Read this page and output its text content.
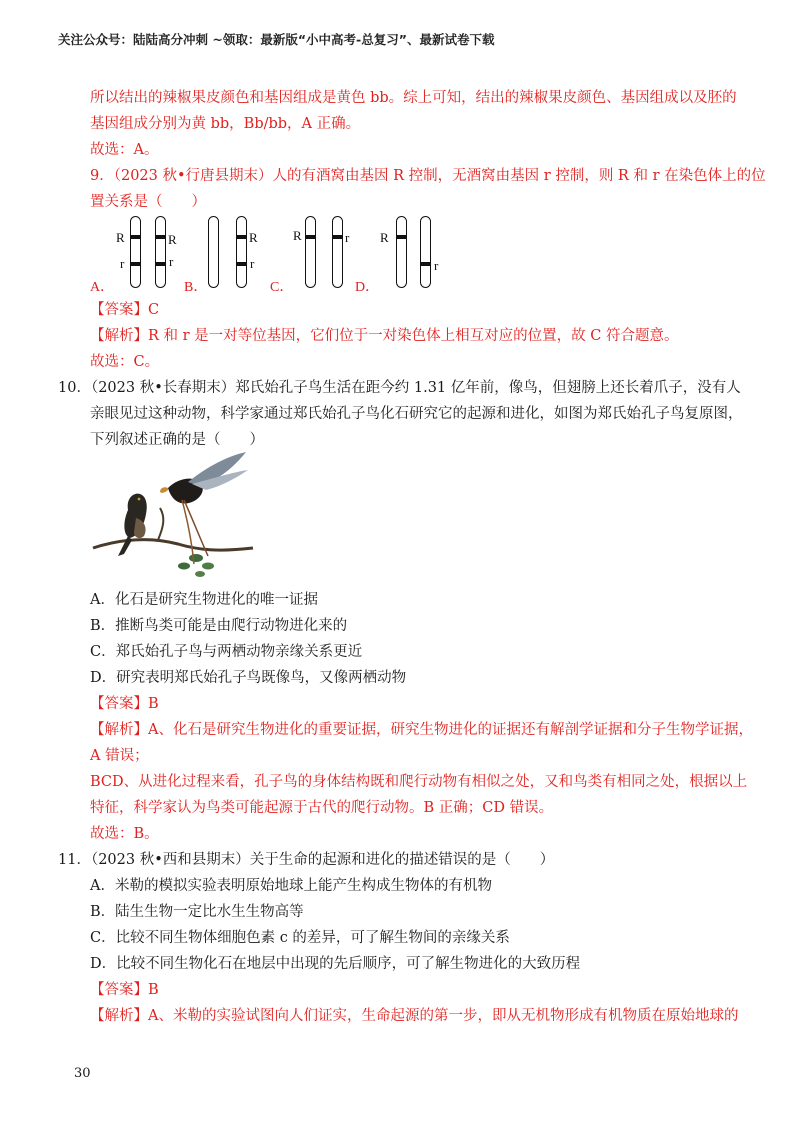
关注公众号：陆陆高分冲刺 ~领取：最新版“小中高考-总复习”、最新试卷下载
所以结出的辣椒果皮颜色和基因组成是黄色 bb。综上可知，结出的辣椒果皮颜色、基因组成以及胚的
基因组成分别为黄 bb，Bb/bb，A 正确。
故选：A。
9．（2023 秋•行唐县期末）人的有酒窝由基因 R 控制，无酒窝由基因 r 控制，则 R 和 r 在染色体上的位
置关系是（　　）
A．
R
r
R
r
B．
R
r
C．
R	r
D．
R
r
【答案】C
【解析】R 和 r 是一对等位基因，它们位于一对染色体上相互对应的位置，故 C 符合题意。
故选：C。
10．（2023 秋•长春期末）郑氏始孔子鸟生活在距今约 1.31 亿年前，像鸟，但翅膀上还长着爪子，没有人
亲眼见过这种动物，科学家通过郑氏始孔子鸟化石研究它的起源和进化，如图为郑氏始孔子鸟复原图，
下列叙述正确的是（　　）
A．化石是研究生物进化的唯一证据
B．推断鸟类可能是由爬行动物进化来的
C．郑氏始孔子鸟与两栖动物亲缘关系更近
D．研究表明郑氏始孔子鸟既像鸟，又像两栖动物
【答案】B
【解析】A、化石是研究生物进化的重要证据，研究生物进化的证据还有解剖学证据和分子生物学证据，
A 错误；
BCD、从进化过程来看，孔子鸟的身体结构既和爬行动物有相似之处，又和鸟类有相同之处，根据以上
特征，科学家认为鸟类可能起源于古代的爬行动物。B 正确；CD 错误。
故选：B。
11．（2023 秋•西和县期末）关于生命的起源和进化的描述错误的是（　　）
A．米勒的模拟实验表明原始地球上能产生构成生物体的有机物
B．陆生生物一定比水生生物高等
C．比较不同生物体细胞色素 c 的差异，可了解生物间的亲缘关系
D．比较不同生物化石在地层中出现的先后顺序，可了解生物进化的大致历程
【答案】B
【解析】A、米勒的实验试图向人们证实，生命起源的第一步，即从无机物形成有机物质在原始地球的
30
